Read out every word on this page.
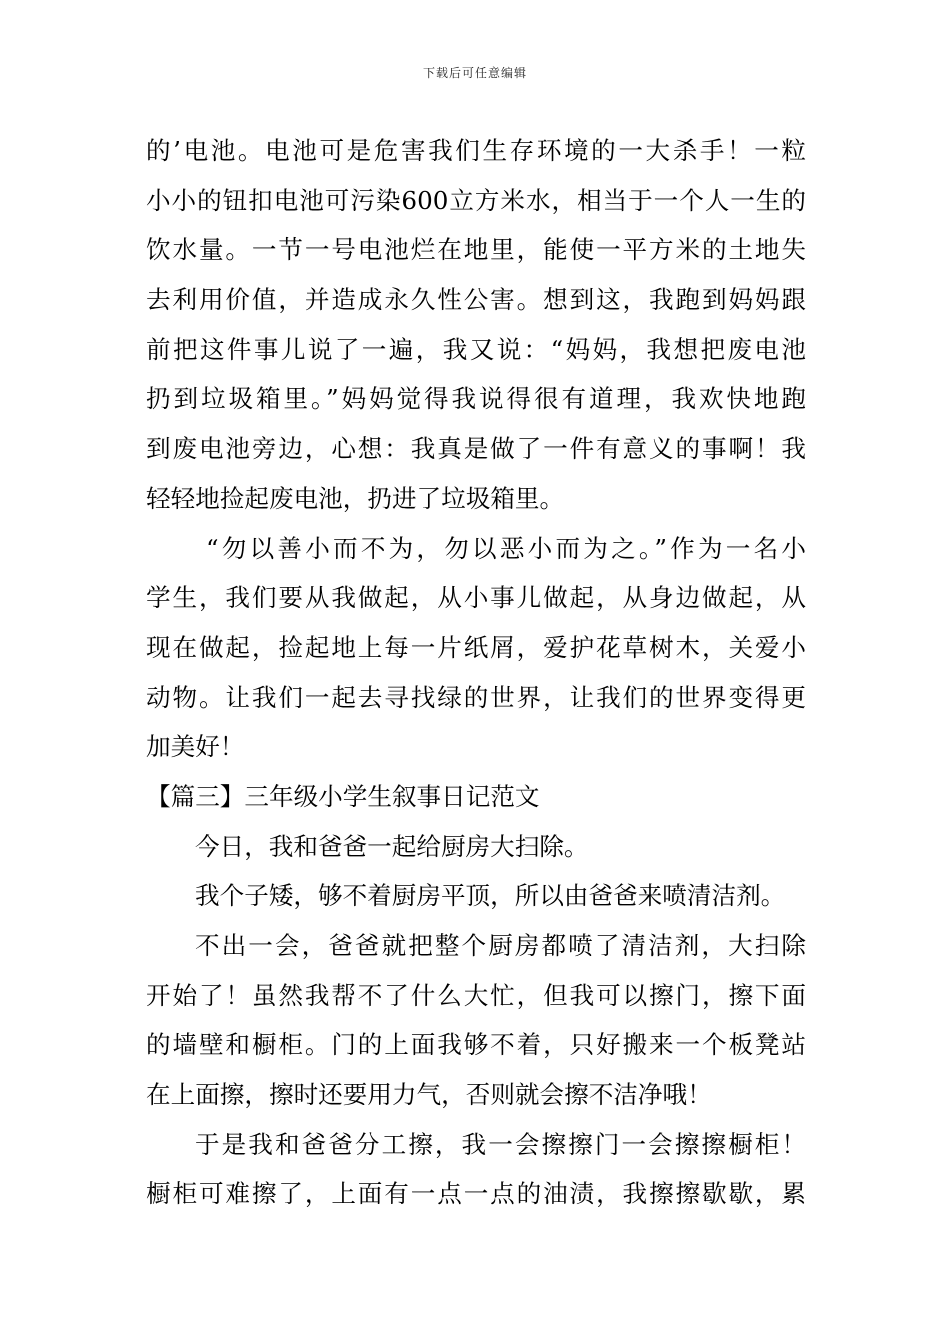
下载后可任意编辑
的’电池。电池可是危害我们生存环境的一大杀手！一粒
小小的钮扣电池可污染600立方米水，相当于一个人一生的
饮水量。一节一号电池烂在地里，能使一平方米的土地失
去利用价值，并造成永久性公害。想到这，我跑到妈妈跟
前把这件事儿说了一遍，我又说：“妈妈，我想把废电池
扔到垃圾箱里。”妈妈觉得我说得很有道理，我欢快地跑
到废电池旁边，心想：我真是做了一件有意义的事啊！我
轻轻地捡起废电池，扔进了垃圾箱里。
“勿以善小而不为，勿以恶小而为之。”作为一名小
学生，我们要从我做起，从小事儿做起，从身边做起，从
现在做起，捡起地上每一片纸屑，爱护花草树木，关爱小
动物。让我们一起去寻找绿的世界，让我们的世界变得更
加美好！
【篇三】三年级小学生叙事日记范文
今日，我和爸爸一起给厨房大扫除。
我个子矮，够不着厨房平顶，所以由爸爸来喷清洁剂。
不出一会，爸爸就把整个厨房都喷了清洁剂，大扫除
开始了！虽然我帮不了什么大忙，但我可以擦门，擦下面
的墙壁和橱柜。门的上面我够不着，只好搬来一个板凳站
在上面擦，擦时还要用力气，否则就会擦不洁净哦！
于是我和爸爸分工擦，我一会擦擦门一会擦擦橱柜！
橱柜可难擦了，上面有一点一点的油渍，我擦擦歇歇，累
